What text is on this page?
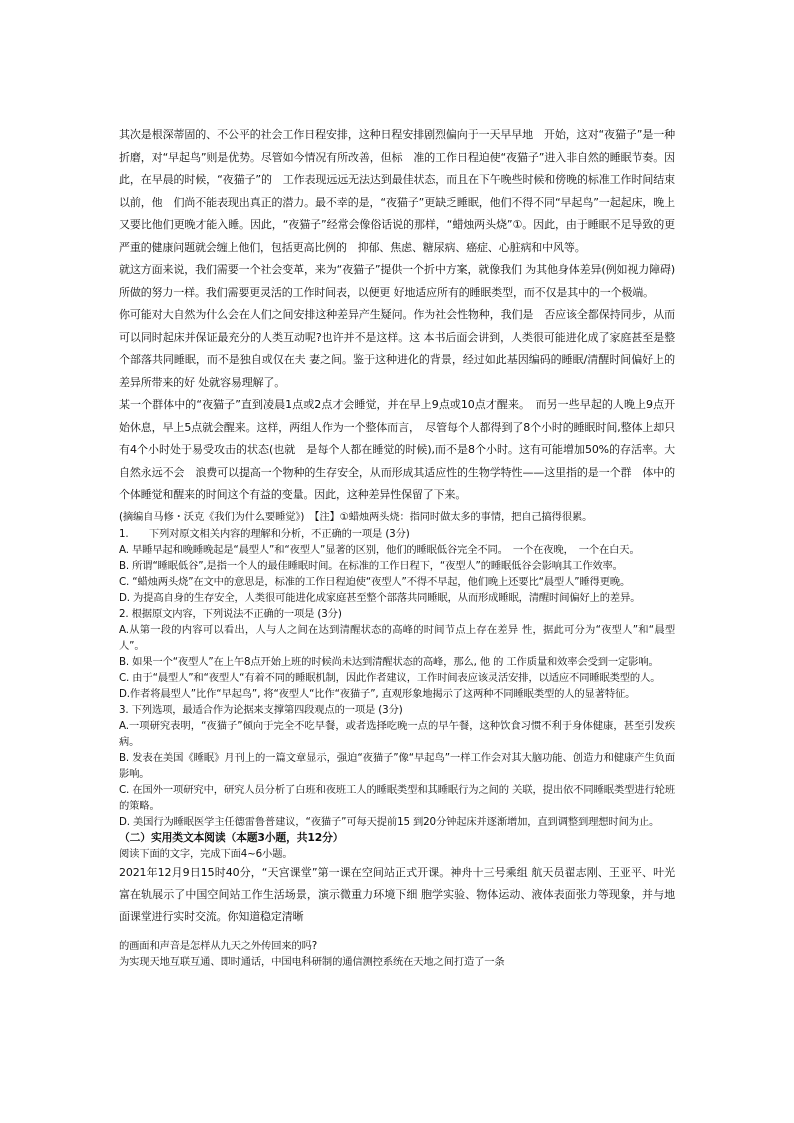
其次是根深蒂固的、不公平的社会工作日程安排，这种日程安排剧烈偏向于一天早早地　开始，这对“夜猫子”是一种折磨，对“早起鸟”则是优势。尽管如今情况有所改善，但标　准的工作日程迫使“夜猫子”进入非自然的睡眠节奏。因此，在早晨的时候，“夜猫子”的　工作表现远远无法达到最佳状态，而且在下午晚些时候和傍晚的标准工作时间结束以前，他　们尚不能表现出真正的潜力。最不幸的是，“夜猫子”更缺乏睡眠，他们不得不同“早起鸟”一起起床，晚上又要比他们更晚才能入睡。因此，“夜猫子”经常会像俗话说的那样，“蜡烛两头烧”①。因此，由于睡眠不足导致的更严重的健康问题就会缠上他们，包括更高比例的　抑郁、焦虑、糖尿病、癌症、心脏病和中风等。

就这方面来说，我们需要一个社会变革，来为“夜猫子”提供一个折中方案，就像我们 为其他身体差异(例如视力障碍)所做的努力一样。我们需要更灵活的工作时间表，以便更 好地适应所有的睡眠类型，而不仅是其中的一个极端。

你可能对大自然为什么会在人们之间安排这种差异产生疑问。作为社会性物种，我们是　否应该全都保持同步，从而可以同时起床并保证最充分的人类互动呢?也许并不是这样。这 本书后面会讲到，人类很可能进化成了家庭甚至是整个部落共同睡眠，而不是独自或仅在夫 妻之间。鉴于这种进化的背景，经过如此基因编码的睡眠/清醒时间偏好上的差异所带来的好 处就容易理解了。

某一个群体中的“夜猫子”直到凌晨1点或2点才会睡觉，并在早上9点或10点才醒来。　而另一些早起的人晚上9点开始休息，早上5点就会醒来。这样，两组人作为一个整体而言，　尽管每个人都得到了8个小时的睡眠时间,整体上却只有4个小时处于易受攻击的状态(也就　是每个人都在睡觉的时候),而不是8个小时。这有可能增加50%的存活率。大自然永远不会　浪费可以提高一个物种的生存安全，从而形成其适应性的生物学特性——这里指的是一个群　体中的个体睡觉和醒来的时间这个有益的变量。因此，这种差异性保留了下来。

(摘编自马修・沃克《我们为什么要睡觉》)　【注】①蜡烛两头烧：指同时做太多的事情，把自己搞得很累。

1.　　下列对原文相关内容的理解和分析，不正确的一项是 (3分)

A. 早睡早起和晚睡晚起是“晨型人”和“夜型人”显著的区别，他们的睡眠低谷完全不同。　一个在夜晚，　一个在白天。

B. 所谓“睡眠低谷”,是指一个人的最佳睡眠时间。在标准的工作日程下，“夜型人”的睡眠低谷会影响其工作效率。

C. “蜡烛两头烧”在文中的意思是，标准的工作日程迫使“夜型人”不得不早起，他们晚上还要比“晨型人”睡得更晚。

D. 为提高自身的生存安全，人类很可能进化成家庭甚至整个部落共同睡眠，从而形成睡眠，清醒时间偏好上的差异。

2. 根据原文内容，下列说法不正确的一项是 (3分)

A.从第一段的内容可以看出，人与人之间在达到清醒状态的高峰的时间节点上存在差异 性，据此可分为“夜型人”和“晨型人”。

B. 如果一个“夜型人”在上午8点开始上班的时候尚未达到清醒状态的高峰，那么, 他 的 工作质量和效率会受到一定影响。

C. 由于“晨型人”和“夜型人“有着不同的睡眠机制，因此作者建议，工作时间表应该灵活安排，以适应不同睡眠类型的人。

D.作者将晨型人”比作“早起鸟”, 将“夜型人“比作“夜猫子”, 直观形象地揭示了这两种不同睡眠类型的人的显著特征。

3. 下列选项，最适合作为论据来支撑第四段观点的一项是 (3分)

A.一项研究表明，“夜猫子”倾向于完全不吃早餐，或者选择吃晚一点的早午餐，这种饮食习惯不利于身体健康，甚至引发疾病。

B. 发表在美国《睡眠》月刊上的一篇文章显示，强迫“夜猫子”像“早起鸟”一样工作会对其大脑功能、创造力和健康产生负面影响。

C. 在国外一项研究中，研究人员分析了白班和夜班工人的睡眠类型和其睡眠行为之间的 关联，提出依不同睡眠类型进行轮班的策略。

D. 美国行为睡眠医学主任德雷鲁普建议，“夜猫子”可每天提前15 到20分钟起床并逐渐增加，直到调整到理想时间为止。

（二）实用类文本阅读（本题3小题，共12分）

阅读下面的文字，完成下面4~6小题。

2021年12月9日15时40分，“天宫课堂”第一课在空间站正式开课。神舟十三号乘组 航天员翟志刚、王亚平、叶光富在轨展示了中国空间站工作生活场景，演示微重力环境下细 胞学实验、物体运动、液体表面张力等现象，并与地面课堂进行实时交流。你知道稳定清晰

的画面和声音是怎样从九天之外传回来的吗?

为实现天地互联互通、即时通话，中国电科研制的通信测控系统在天地之间打造了一条
